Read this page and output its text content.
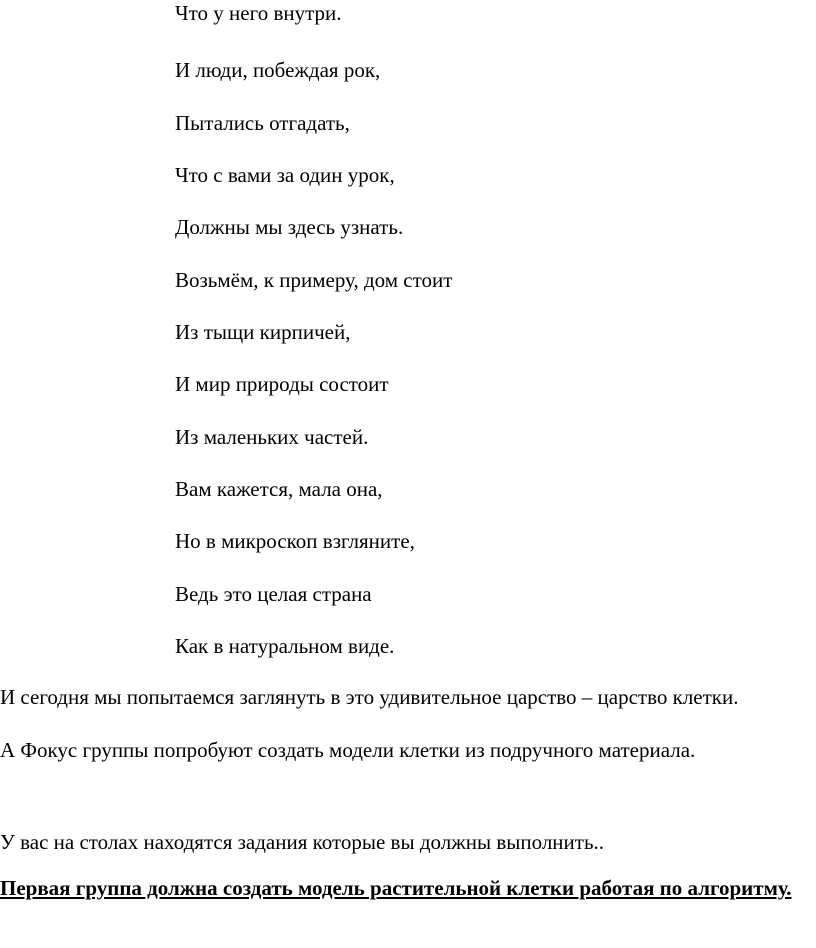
Что у него внутри.
И люди, побеждая рок,
Пытались отгадать,
Что с вами за один урок,
Должны мы здесь узнать.
Возьмём, к примеру, дом стоит
Из тыщи кирпичей,
И мир природы состоит
Из маленьких частей.
Вам кажется, мала она,
Но в микроскоп взгляните,
Ведь это целая страна
Как в натуральном виде.
И сегодня мы попытаемся заглянуть в это удивительное царство – царство клетки.
А Фокус группы попробуют создать модели клетки из подручного материала.
У вас на столах находятся задания которые вы должны выполнить..
Первая группа должна создать модель растительной клетки работая по алгоритму.
